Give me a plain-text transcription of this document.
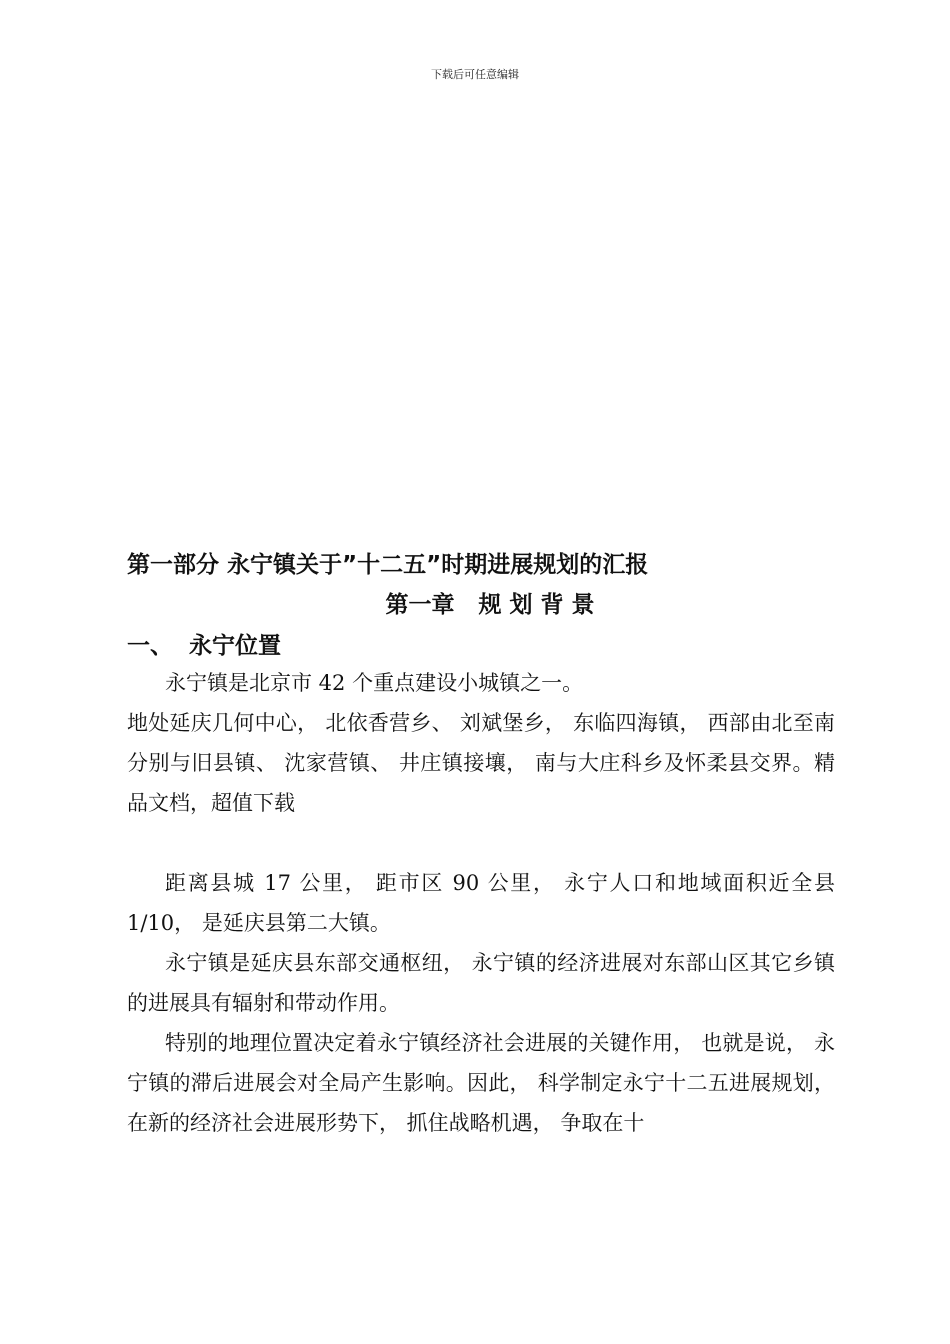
下载后可任意编辑
第一部分 永宁镇关于”十二五”时期进展规划的汇报
第一章   规 划 背 景
一、  永宁位置

永宁镇是北京市 42 个重点建设小城镇之一。

地处延庆几何中心， 北依香营乡、 刘斌堡乡， 东临四海镇， 西部由北至南分别与旧县镇、 沈家营镇、 井庄镇接壤， 南与大庄科乡及怀柔县交界。精品文档，超值下载

距离县城 17 公里， 距市区 90 公里， 永宁人口和地域面积近全县 1/10， 是延庆县第二大镇。

永宁镇是延庆县东部交通枢纽， 永宁镇的经济进展对东部山区其它乡镇的进展具有辐射和带动作用。

特别的地理位置决定着永宁镇经济社会进展的关键作用， 也就是说， 永宁镇的滞后进展会对全局产生影响。因此， 科学制定永宁十二五进展规划， 在新的经济社会进展形势下， 抓住战略机遇， 争取在十
